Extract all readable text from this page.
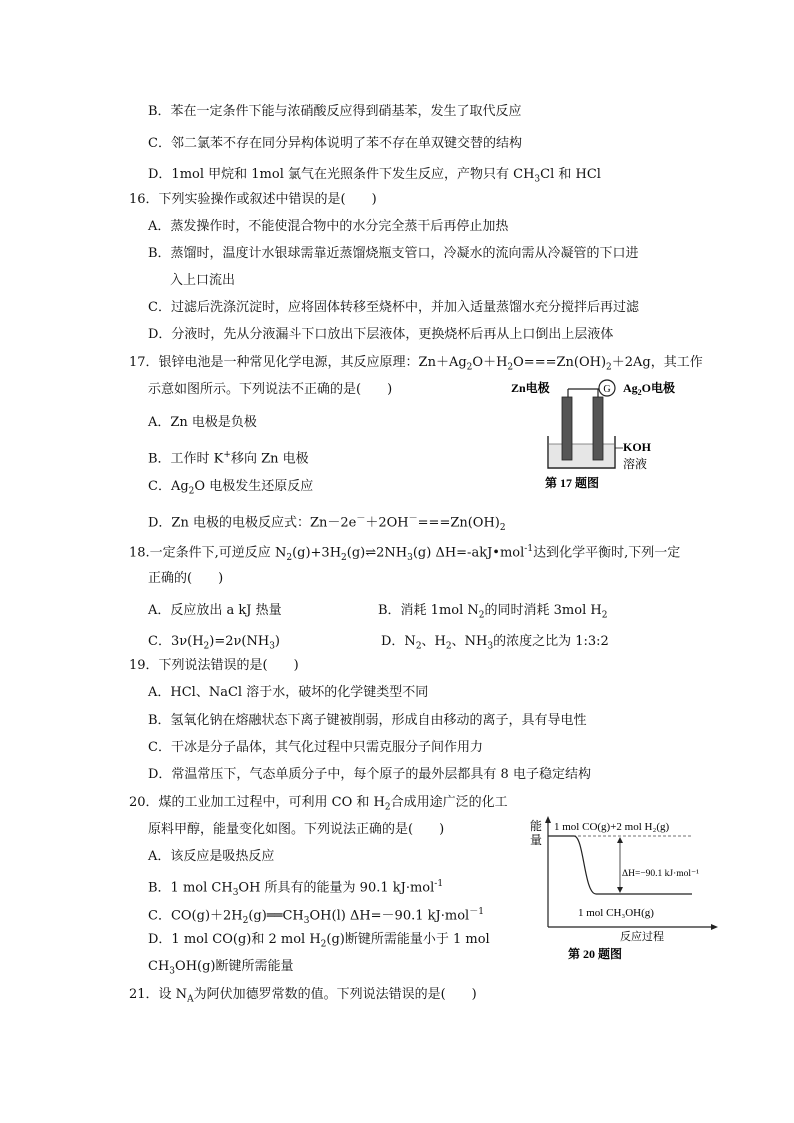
B．苯在一定条件下能与浓硝酸反应得到硝基苯，发生了取代反应
C．邻二氯苯不存在同分异构体说明了苯不存在单双键交替的结构
D．1mol 甲烷和 1mol 氯气在光照条件下发生反应，产物只有 $CH_3Cl$ 和 HCl
16．下列实验操作或叙述中错误的是(　　)
A．蒸发操作时，不能使混合物中的水分完全蒸干后再停止加热
B．蒸馏时，温度计水银球需靠近蒸馏烧瓶支管口，冷凝水的流向需从冷凝管的下口进
入上口流出
C．过滤后洗涤沉淀时，应将固体转移至烧杯中，并加入适量蒸馏水充分搅拌后再过滤
D．分液时，先从分液漏斗下口放出下层液体，更换烧杯后再从上口倒出上层液体
17．银锌电池是一种常见化学电源，其反应原理：$Zn+Ag_2O+H_2O===Zn(OH)_2+2Ag$，其工作
示意如图所示。下列说法不正确的是(　　)
A．Zn 电极是负极
B．工作时 K+移向 Zn 电极
C．$Ag_2O$ 电极发生还原反应
D．Zn 电极的电极反应式：$Zn-2e^-+2OH^-===Zn(OH)_2$
G
Zn电极	$Ag_2O$电极
KOH
溶液
第 17 题图
18.一定条件下,可逆反应 $N_2(g)+3H_2(g)\rightleftharpoons 2NH_3(g)$ ΔH=-akJ•mol$^{-1}$达到化学平衡时,下列一定
正确的(　　)
A．反应放出 a kJ 热量	B．消耗 1mol $N_2$的同时消耗 3mol $H_2$
C．$3\nu(H_2)=2\nu(NH_3)$	D．$N_2$、$H_2$、$NH_3$的浓度之比为 1:3:2
19．下列说法错误的是(　　)
A．HCl、NaCl 溶于水，破坏的化学键类型不同
B．氢氧化钠在熔融状态下离子键被削弱，形成自由移动的离子，具有导电性
C．干冰是分子晶体，其气化过程中只需克服分子间作用力
D．常温常压下，气态单质分子中，每个原子的最外层都具有 8 电子稳定结构
20．煤的工业加工过程中，可利用 CO 和 $H_2$合成用途广泛的化工
原料甲醇，能量变化如图。下列说法正确的是(　　)
A．该反应是吸热反应
B．1 mol $CH_3OH$ 所具有的能量为 90.1 kJ·mol$^{-1}$
C．$CO(g)+2H_2(g)══CH_3OH(l)$ ΔH=－90.1 kJ·mol$^{-1}$
D．1 mol CO(g)和 2 mol $H_2(g)$断键所需能量小于 1 mol
$CH_3OH(g)$断键所需能量
能
量
1 mol CO(g)+2 mol H₂(g)
ΔH=−90.1 kJ·mol⁻¹
1 mol CH₃OH(g)
反应过程
第 20 题图
21．设 $N_A$为阿伏加德罗常数的值。下列说法错误的是(　　)
